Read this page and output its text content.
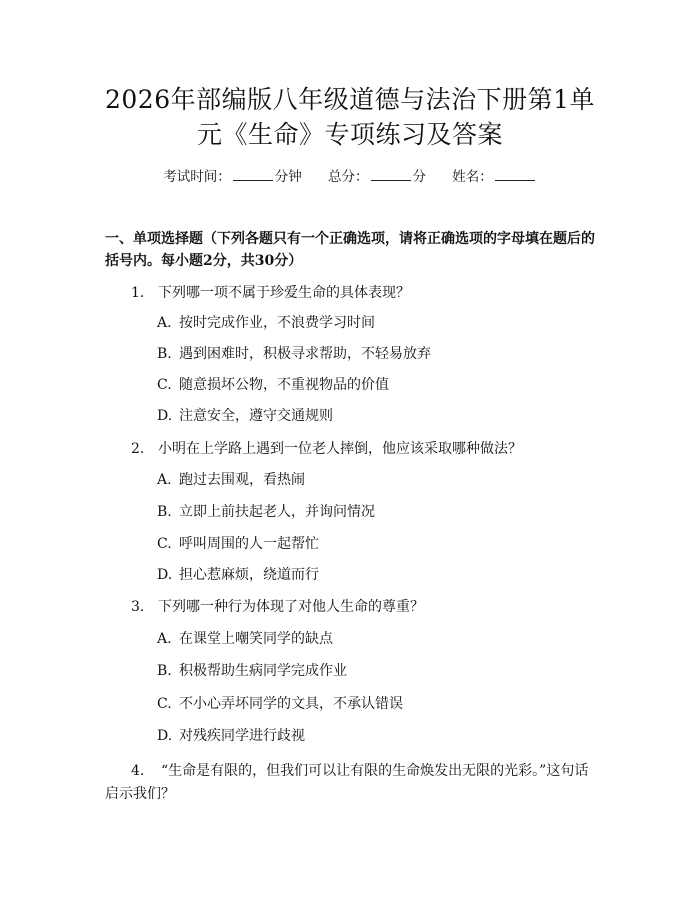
2026年部编版八年级道德与法治下册第1单
元《生命》专项练习及答案
考试时间：	分钟 总分：	分 姓名：

一、单项选择题（下列各题只有一个正确选项，请将正确选项的字母填在题后的括号内。每小题2分，共30分）

1. 下列哪一项不属于珍爱生命的具体表现？
A. 按时完成作业，不浪费学习时间
B. 遇到困难时，积极寻求帮助，不轻易放弃
C. 随意损坏公物，不重视物品的价值
D. 注意安全，遵守交通规则
2. 小明在上学路上遇到一位老人摔倒，他应该采取哪种做法？
A. 跑过去围观，看热闹
B. 立即上前扶起老人，并询问情况
C. 呼叫周围的人一起帮忙
D. 担心惹麻烦，绕道而行
3. 下列哪一种行为体现了对他人生命的尊重？
A. 在课堂上嘲笑同学的缺点
B. 积极帮助生病同学完成作业
C. 不小心弄坏同学的文具，不承认错误
D. 对残疾同学进行歧视

4. “生命是有限的，但我们可以让有限的生命焕发出无限的光彩。”这句话启示我们？
